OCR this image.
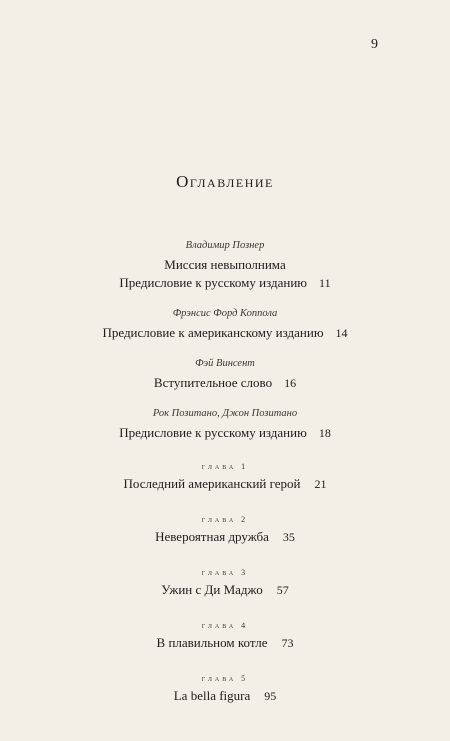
9
Оглавление
Владимир Познер
Миссия невыполнима
Предисловие к русскому изданию 11
Фрэнсис Форд Коппола
Предисловие к американскому изданию 14
Фэй Винсент
Вступительное слово 16
Рок Позитано, Джон Позитано
Предисловие к русскому изданию 18
глава 1
Последний американский герой 21
глава 2
Невероятная дружба 35
глава 3
Ужин с Ди Маджо 57
глава 4
В плавильном котле 73
глава 5
La bella figura 95
